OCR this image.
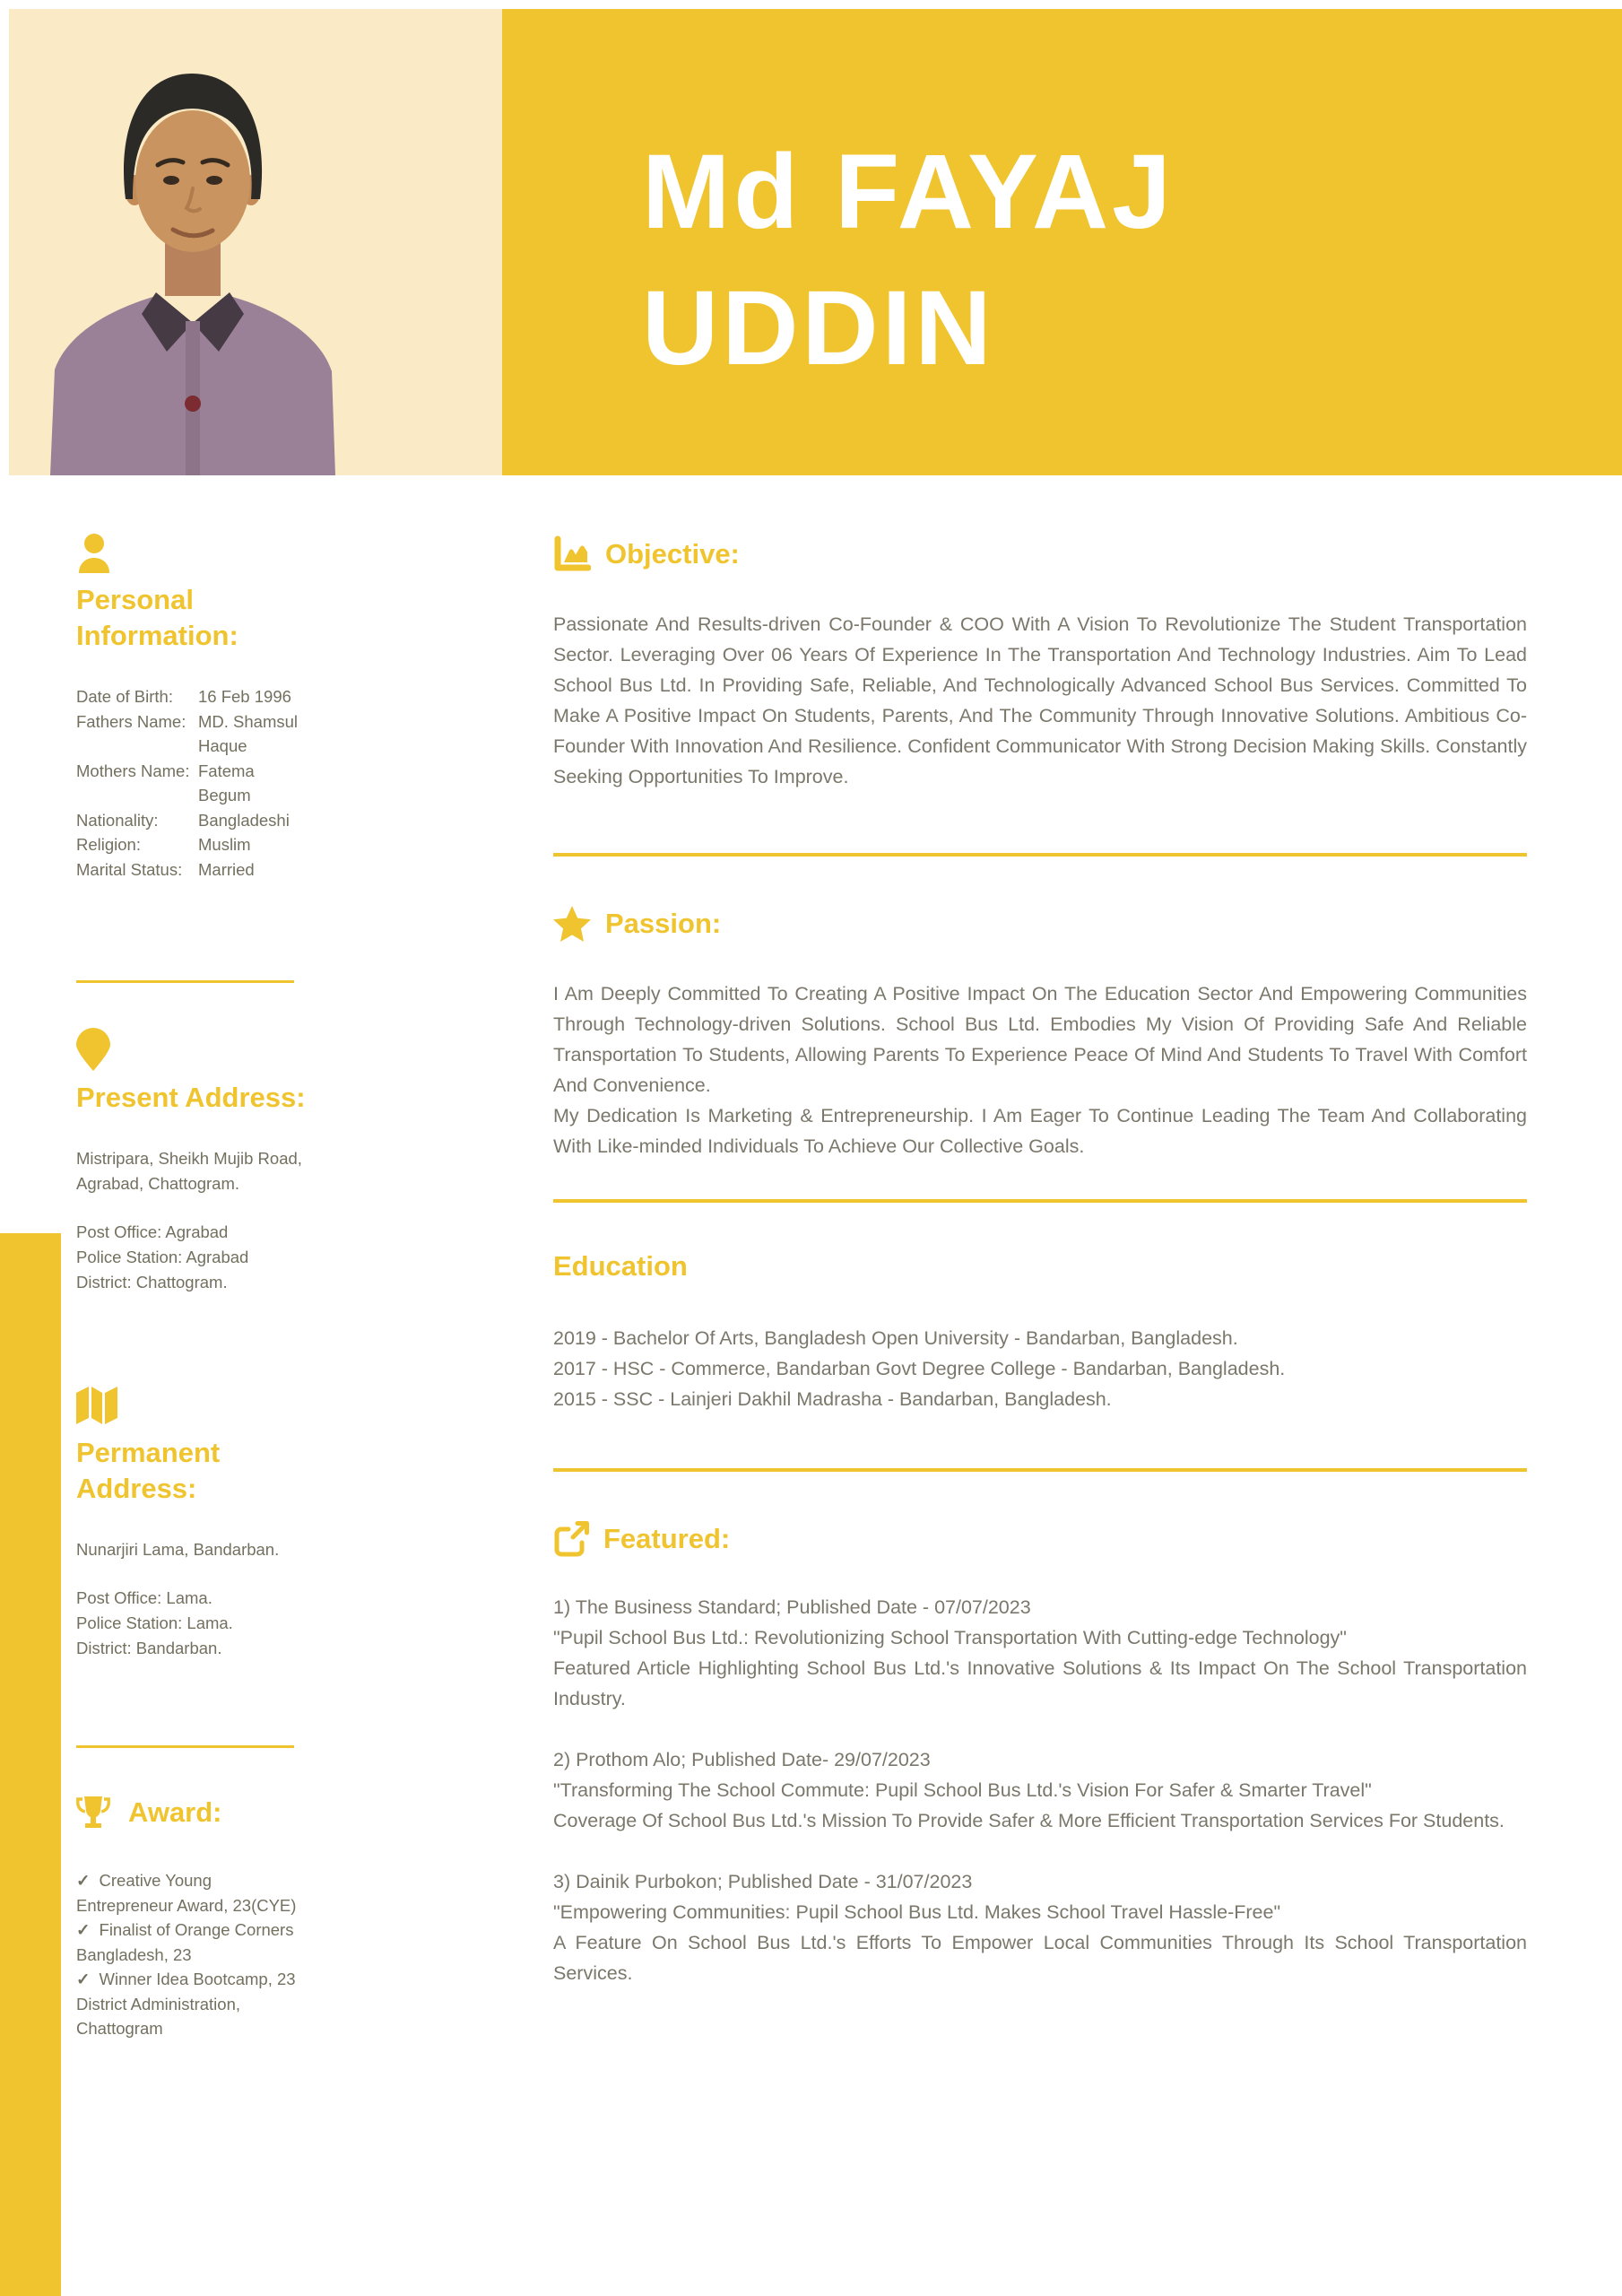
Md FAYAJ
UDDIN
Personal Information:
Date of Birth:	16 Feb 1996
Fathers Name: MD. Shamsul Haque
Mothers Name: Fatema Begum
Nationality:	Bangladeshi
Religion:	Muslim
Marital Status: Married
Present Address:
Mistripara, Sheikh Mujib Road, Agrabad, Chattogram.
Post Office: Agrabad
Police Station: Agrabad
District: Chattogram.
Permanent Address:
Nunarjiri Lama, Bandarban.
Post Office: Lama.
Police Station: Lama.
District: Bandarban.
Award:
✓ Creative Young Entrepreneur Award, 23(CYE)
✓ Finalist of Orange Corners Bangladesh, 23
✓ Winner Idea Bootcamp, 23 District Administration, Chattogram
Objective:
Passionate And Results-driven Co-Founder & COO With A Vision To Revolutionize The Student Transportation Sector. Leveraging Over 06 Years Of Experience In The Transportation And Technology Industries. Aim To Lead School Bus Ltd. In Providing Safe, Reliable, And Technologically Advanced School Bus Services. Committed To Make A Positive Impact On Students, Parents, And The Community Through Innovative Solutions. Ambitious Co-Founder With Innovation And Resilience. Confident Communicator With Strong Decision Making Skills. Constantly Seeking Opportunities To Improve.
Passion:

I Am Deeply Committed To Creating A Positive Impact On The Education Sector And Empowering Communities Through Technology-driven Solutions. School Bus Ltd. Embodies My Vision Of Providing Safe And Reliable Transportation To Students, Allowing Parents To Experience Peace Of Mind And Students To Travel With Comfort And Convenience.

My Dedication Is Marketing & Entrepreneurship. I Am Eager To Continue Leading The Team And Collaborating With Like-minded Individuals To Achieve Our Collective Goals.

Education
2019 - Bachelor Of Arts, Bangladesh Open University - Bandarban, Bangladesh.
2017 - HSC - Commerce, Bandarban Govt Degree College - Bandarban, Bangladesh.
2015 - SSC - Lainjeri Dakhil Madrasha - Bandarban, Bangladesh.
Featured:
1) The Business Standard; Published Date - 07/07/2023
"Pupil School Bus Ltd.: Revolutionizing School Transportation With Cutting-edge Technology"
Featured Article Highlighting School Bus Ltd.'s Innovative Solutions & Its Impact On The School Transportation Industry.
2) Prothom Alo; Published Date- 29/07/2023
"Transforming The School Commute: Pupil School Bus Ltd.'s Vision For Safer & Smarter Travel"
Coverage Of School Bus Ltd.'s Mission To Provide Safer & More Efficient Transportation Services For Students.
3) Dainik Purbokon; Published Date - 31/07/2023
"Empowering Communities: Pupil School Bus Ltd. Makes School Travel Hassle-Free"
A Feature On School Bus Ltd.'s Efforts To Empower Local Communities Through Its School Transportation Services.
